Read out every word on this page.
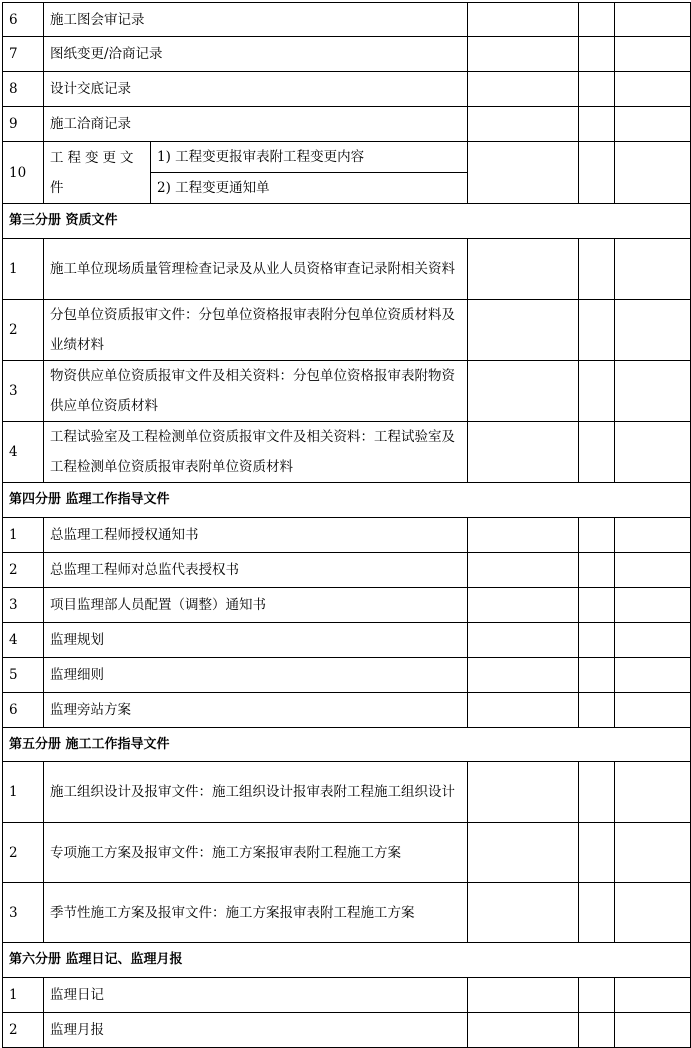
6	施工图会审记录				
7	图纸变更/洽商记录				
8	设计交底记录				
9	施工洽商记录				
10	工程变更文件	1) 工程变更报审表附工程变更内容			
		2) 工程变更通知单			
第三分册 资质文件					
1	施工单位现场质量管理检查记录及从业人员资格审查记录附相关资料				
2	分包单位资质报审文件：分包单位资格报审表附分包单位资质材料及业绩材料				
3	物资供应单位资质报审文件及相关资料：分包单位资格报审表附物资供应单位资质材料				
4	工程试验室及工程检测单位资质报审文件及相关资料：工程试验室及工程检测单位资质报审表附单位资质材料				
第四分册 监理工作指导文件					
1	总监理工程师授权通知书				
2	总监理工程师对总监代表授权书				
3	项目监理部人员配置（调整）通知书				
4	监理规划				
5	监理细则				
6	监理旁站方案				
第五分册 施工工作指导文件					
1	施工组织设计及报审文件：施工组织设计报审表附工程施工组织设计				
2	专项施工方案及报审文件：施工方案报审表附工程施工方案				
3	季节性施工方案及报审文件：施工方案报审表附工程施工方案				
第六分册 监理日记、监理月报					
1	监理日记				
2	监理月报				
